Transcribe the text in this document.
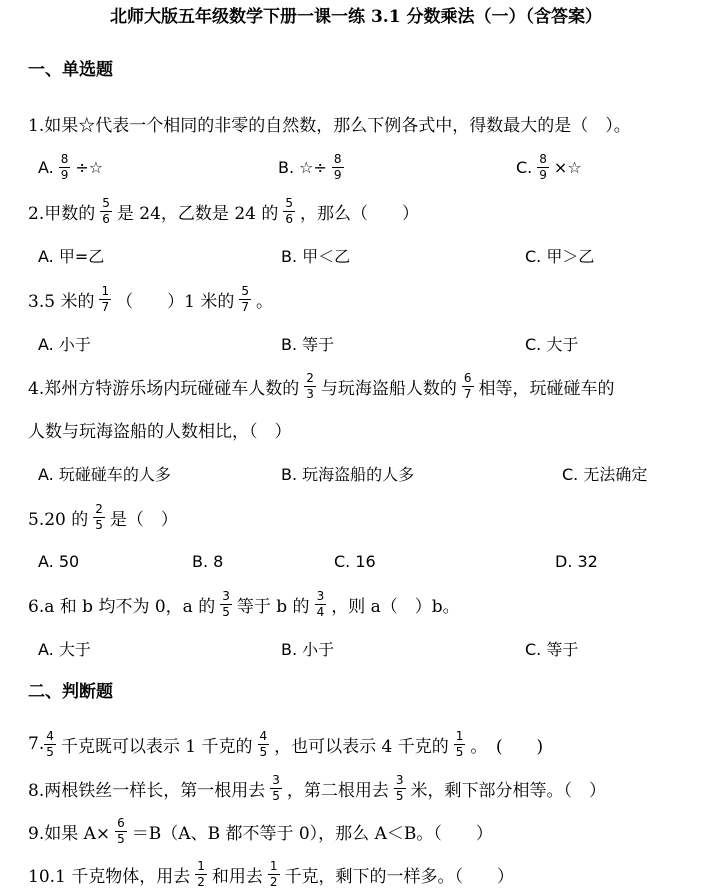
北师大版五年级数学下册一课一练 3.1 分数乘法（一）（含答案）
一、单选题
1.如果☆代表一个相同的非零的自然数，那么下例各式中，得数最大的是（　）。
A. $\frac{8}{9}$ ÷☆	B. ☆÷ $\frac{8}{9}$	C. $\frac{8}{9}$ ×☆
2.甲数的 $\frac{5}{6}$ 是 24，乙数是 24 的 $\frac{5}{6}$ ，那么（　　）
A. 甲=乙	B. 甲＜乙	C. 甲＞乙
3.5 米的 $\frac{1}{7}$ （　　）1 米的 $\frac{5}{7}$ 。
A. 小于	B. 等于	C. 大于
4.郑州方特游乐场内玩碰碰车人数的 $\frac{2}{3}$ 与玩海盗船人数的 $\frac{6}{7}$ 相等，玩碰碰车的
人数与玩海盗船的人数相比，（　）
A. 玩碰碰车的人多	B. 玩海盗船的人多	C. 无法确定
5.20 的 $\frac{2}{5}$ 是（　）
A. 50	B. 8	C. 16	D. 32
6.a 和 b 均不为 0，a 的 $\frac{3}{5}$ 等于 b 的 $\frac{3}{4}$ ，则 a（　）b。
A. 大于	B. 小于	C. 等于
二、判断题
7. $\frac{4}{5}$ 千克既可以表示 1 千克的 $\frac{4}{5}$ ，也可以表示 4 千克的 $\frac{1}{5}$ 。　(　　)
8.两根铁丝一样长，第一根用去 $\frac{3}{5}$ ，第二根用去 $\frac{3}{5}$ 米，剩下部分相等。（　）
9.如果 $A\times \frac{6}{5} =B(A$、B 都不等于 0），那么 A＜B。（　　）
10.1 千克物体，用去 $\frac{1}{2}$ 和用去 $\frac{1}{2}$ 千克，剩下的一样多。（　　）
